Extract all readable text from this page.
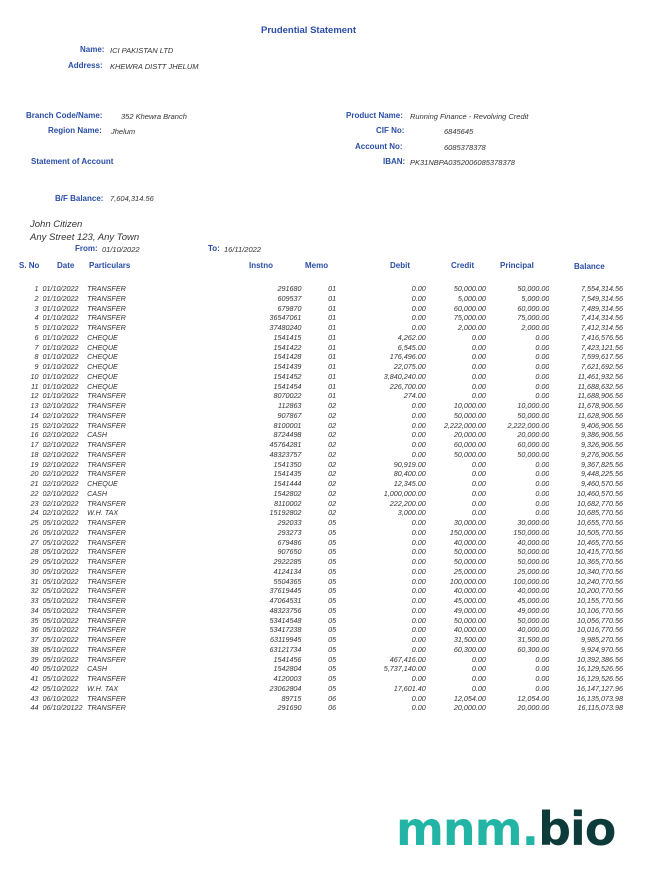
Prudential Statement
Name: ICI PAKISTAN LTD
Address: KHEWRA DISTT JHELUM
Branch Code/Name: 352 Khewra Branch
Region Name: Jhelum
Product Name: Running Finance - Revolving Credit
CIF No:	6845645
Account No:	6085378378
IBAN: PK31NBPA0352006085378378
Statement of Account
B/F Balance: 7,604,314.56
John Citizen
Any Street 123, Any Town
From: 01/10/2022	To: 16/11/2022
S. No Date Particulars	Instno	Memo	Debit	Credit	Principal	Balance
1	01/10/2022	TRANSFER	291680	01	0.00	50,000.00	50,000.00	7,554,314.56
2	01/10/2022	TRANSFER	609537	01	0.00	5,000.00	5,000.00	7,549,314.56
3	01/10/2022	TRANSFER	679870	01	0.00	60,000.00	60,000.00	7,489,314.56
4	01/10/2022	TRANSFER	36547061	01	0.00	75,000.00	75,000.00	7,414,314.56
5	01/10/2022	TRANSFER	37480240	01	0.00	2,000.00	2,000.00	7,412,314.56
6	01/10/2022	CHEQUE	1541415	01	4,262.00	0.00	0.00	7,416,576.56
7	01/10/2022	CHEQUE	1541422	01	6,545.00	0.00	0.00	7,423,121.56
8	01/10/2022	CHEQUE	1541428	01	176,496.00	0.00	0.00	7,599,617.56
9	01/10/2022	CHEQUE	1541439	01	22,075.00	0.00	0.00	7,621,692.56
10	01/10/2022	CHEQUE	1541452	01	3,840,240.00	0.00	0.00	11,461,932.56
11	01/10/2022	CHEQUE	1541454	01	226,700.00	0.00	0.00	11,688,632.56
12	01/10/2022	TRANSFER	8070022	01	274.00	0.00	0.00	11,688,906.56
13	02/10/2022	TRANSFER	112863	02	0.00	10,000.00	10,000.00	11,678,906.56
14	02/10/2022	TRANSFER	907867	02	0.00	50,000.00	50,000.00	11,628,906.56
15	02/10/2022	TRANSFER	8100001	02	0.00	2,222,000.00	2,222,000.00	9,406,906.56
16	02/10/2022	CASH	8724498	02	0.00	20,000.00	20,000.00	9,386,906.56
17	02/10/2022	TRANSFER	45764281	02	0.00	60,000.00	60,000.00	9,326,906.56
18	02/10/2022	TRANSFER	48323757	02	0.00	50,000.00	50,000.00	9,276,906.56
19	02/10/2022	TRANSFER	1541350	02	90,919.00	0.00	0.00	9,367,825.56
20	02/10/2022	TRANSFER	1541435	02	80,400.00	0.00	0.00	9,448,225.56
21	02/10/2022	CHEQUE	1541444	02	12,345.00	0.00	0.00	9,460,570.56
22	02/10/2022	CASH	1542802	02	1,000,000.00	0.00	0.00	10,460,570.56
23	02/10/2022	TRANSFER	8110002	02	222,200.00	0.00	0.00	10,682,770.56
24	02/10/2022	W.H. TAX	15192802	02	3,000.00	0.00	0.00	10,685,770.56
25	05/10/2022	TRANSFER	292033	05	0.00	30,000.00	30,000.00	10,655,770.56
26	05/10/2022	TRANSFER	293273	05	0.00	150,000.00	150,000.00	10,505,770.56
27	05/10/2022	TRANSFER	679486	05	0.00	40,000.00	40,000.00	10,465,770.56
28	05/10/2022	TRANSFER	907650	05	0.00	50,000.00	50,000.00	10,415,770.56
29	05/10/2022	TRANSFER	2922285	05	0.00	50,000.00	50,000.00	10,365,770.56
30	05/10/2022	TRANSFER	4124134	05	0.00	25,000.00	25,000.00	10,340,770.56
31	05/10/2022	TRANSFER	5504365	05	0.00	100,000.00	100,000.00	10,240,770.56
32	05/10/2022	TRANSFER	37619445	05	0.00	40,000.00	40,000.00	10,200,770.56
33	05/10/2022	TRANSFER	47064531	05	0.00	45,000.00	45,000.00	10,155,770.56
34	05/10/2022	TRANSFER	48323756	05	0.00	49,000.00	49,000.00	10,106,770.56
35	05/10/2022	TRANSFER	53414548	05	0.00	50,000.00	50,000.00	10,056,770.56
36	05/10/2022	TRANSFER	53417238	05	0.00	40,000.00	40,000.00	10,016,770.56
37	05/10/2022	TRANSFER	63119945	05	0.00	31,500.00	31,500.00	9,985,270.56
38	05/10/2022	TRANSFER	63121734	05	0.00	60,300.00	60,300.00	9,924,970.56
39	05/10/2022	TRANSFER	1541456	05	467,416.00	0.00	0.00	10,392,386.56
40	05/10/2022	CASH	1542804	05	5,737,140.00	0.00	0.00	16,129,526.56
41	05/10/2022	TRANSFER	4120003	05	0.00	0.00	0.00	16,129,526.56
42	05/10/2022	W.H. TAX	23062804	05	17,601.40	0.00	0.00	16,147,127.96
43	06/10/2022	TRANSFER	89715	06	0.00	12,054.00	12,054.00	16,135,073.98
44	06/10/20122	TRANSFER	291690	06	0.00	20,000.00	20,000.00	16,115,073.98
mnm.bio
